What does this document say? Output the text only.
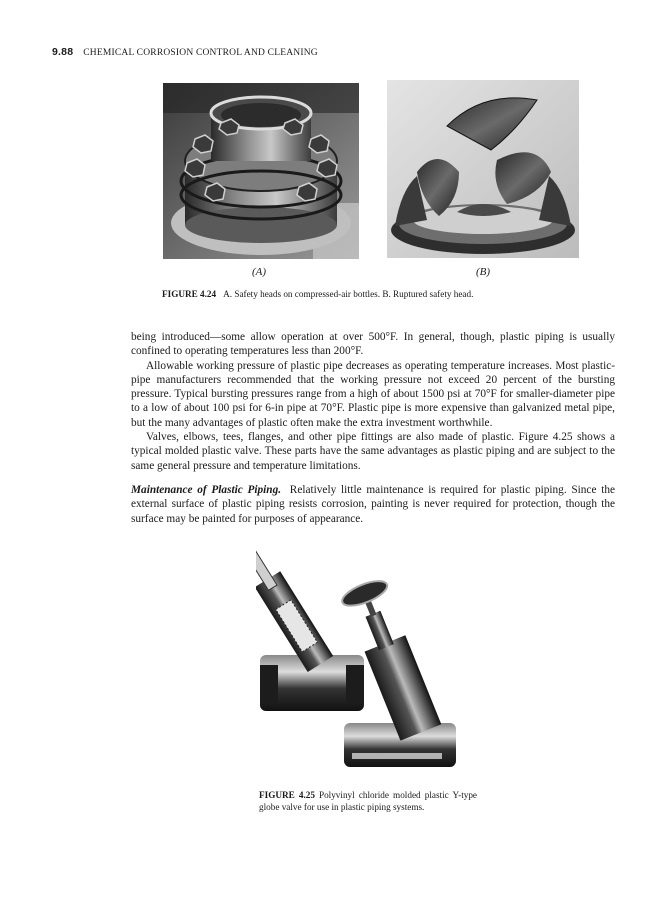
9.88 CHEMICAL CORROSION CONTROL AND CLEANING
(A)	(B)
FIGURE 4.24 A. Safety heads on compressed-air bottles. B. Ruptured safety head.

being introduced—some allow operation at over 500°F. In general, though, plastic piping is usually confined to operating temperatures less than 200°F.

Allowable working pressure of plastic pipe decreases as operating temperature increases. Most plastic-pipe manufacturers recommended that the working pressure not exceed 20 percent of the bursting pressure. Typical bursting pressures range from a high of about 1500 psi at 70°F for smaller-diameter pipe to a low of about 100 psi for 6-in pipe at 70°F. Plastic pipe is more expensive than galvanized metal pipe, but the many advantages of plastic often make the extra investment worthwhile.

Valves, elbows, tees, flanges, and other pipe fittings are also made of plastic. Figure 4.25 shows a typical molded plastic valve. These parts have the same advantages as plastic piping and are subject to the same general pressure and temperature limitations.

Maintenance of Plastic Piping. Relatively little maintenance is required for plastic piping. Since the external surface of plastic piping resists corrosion, painting is never required for protection, though the surface may be painted for purposes of appearance.

FIGURE 4.25 Polyvinyl chloride molded plastic Y-type globe valve for use in plastic piping systems.
